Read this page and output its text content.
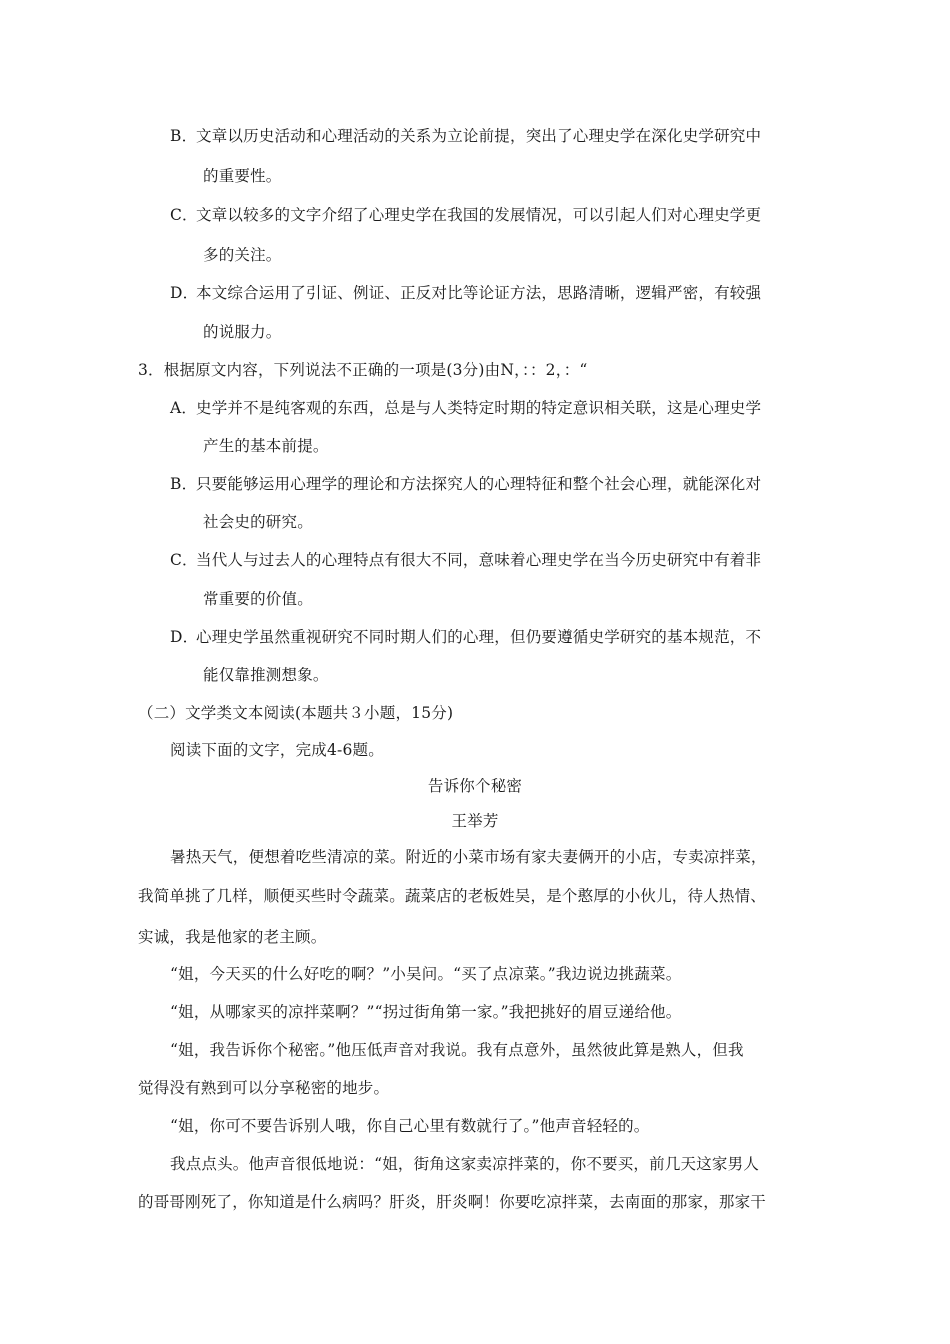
B．文章以历史活动和心理活动的关系为立论前提，突出了心理史学在深化史学研究中
的重要性。
C．文章以较多的文字介绍了心理史学在我国的发展情况，可以引起人们对心理史学更
多的关注。
D．本文综合运用了引证、例证、正反对比等论证方法，思路清晰，逻辑严密，有较强
的说服力。
3．根据原文内容，下列说法不正确的一项是(3分)由N，：：2，：“
A．史学并不是纯客观的东西，总是与人类特定时期的特定意识相关联，这是心理史学
产生的基本前提。
B．只要能够运用心理学的理论和方法探究人的心理特征和整个社会心理，就能深化对
社会史的研究。
C．当代人与过去人的心理特点有很大不同，意味着心理史学在当今历史研究中有着非
常重要的价值。
D．心理史学虽然重视研究不同时期人们的心理，但仍要遵循史学研究的基本规范，不
能仅靠推测想象。
（二）文学类文本阅读(本题共３小题，15分)
阅读下面的文字，完成4-6题。
告诉你个秘密
王举芳
暑热天气，便想着吃些清凉的菜。附近的小菜市场有家夫妻俩开的小店，专卖凉拌菜，
我简单挑了几样，顺便买些时令蔬菜。蔬菜店的老板姓吴，是个憨厚的小伙儿，待人热情、
实诚，我是他家的老主顾。
“姐，今天买的什么好吃的啊？”小吴问。“买了点凉菜。”我边说边挑蔬菜。
“姐，从哪家买的凉拌菜啊？”“拐过街角第一家。”我把挑好的眉豆递给他。
“姐，我告诉你个秘密。”他压低声音对我说。我有点意外，虽然彼此算是熟人，但我
觉得没有熟到可以分享秘密的地步。
“姐，你可不要告诉别人哦，你自己心里有数就行了。”他声音轻轻的。
我点点头。他声音很低地说：“姐，街角这家卖凉拌菜的，你不要买，前几天这家男人
的哥哥刚死了，你知道是什么病吗？肝炎，肝炎啊！你要吃凉拌菜，去南面的那家，那家干
